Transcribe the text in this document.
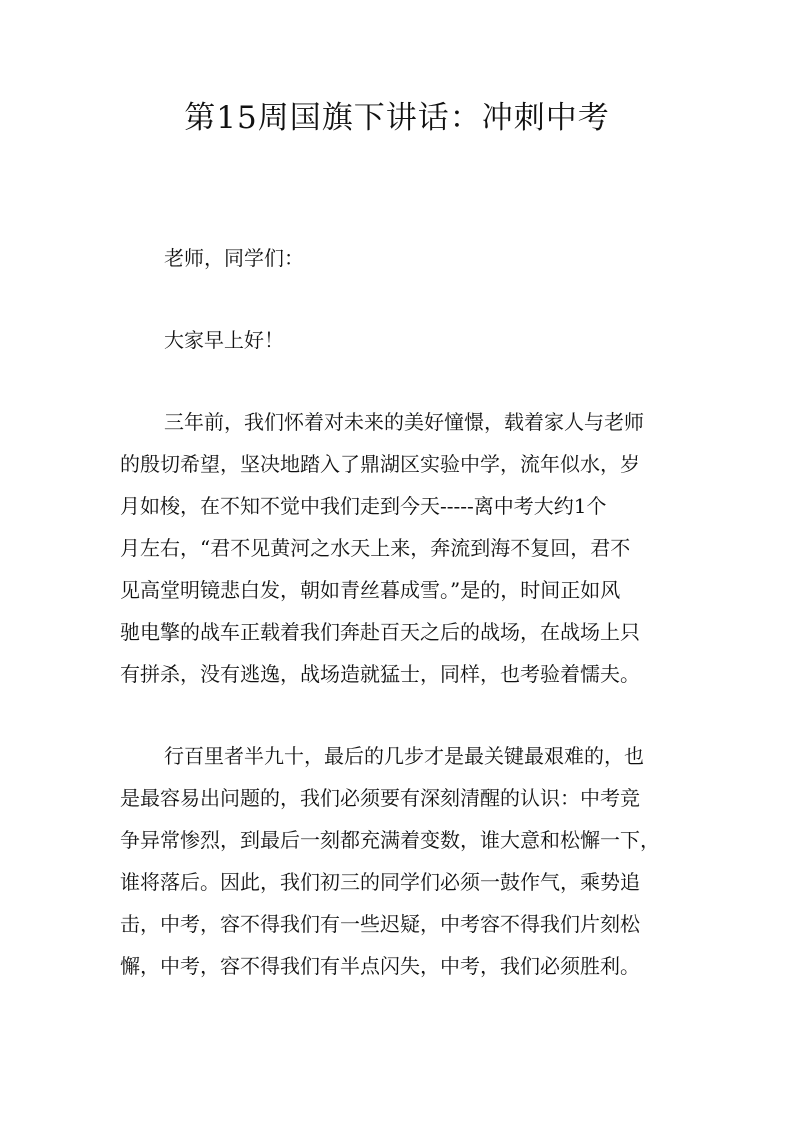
第15周国旗下讲话：冲刺中考

老师，同学们：

大家早上好！

三年前，我们怀着对未来的美好憧憬，载着家人与老师

的殷切希望，坚决地踏入了鼎湖区实验中学，流年似水，岁

月如梭，在不知不觉中我们走到今天-----离中考大约1个

月左右，“君不见黄河之水天上来，奔流到海不复回，君不

见高堂明镜悲白发，朝如青丝暮成雪。”是的，时间正如风

驰电擎的战车正载着我们奔赴百天之后的战场，在战场上只

有拼杀，没有逃逸，战场造就猛士，同样，也考验着懦夫。

行百里者半九十，最后的几步才是最关键最艰难的，也

是最容易出问题的，我们必须要有深刻清醒的认识：中考竞

争异常惨烈，到最后一刻都充满着变数，谁大意和松懈一下，

谁将落后。因此，我们初三的同学们必须一鼓作气，乘势追

击，中考，容不得我们有一些迟疑，中考容不得我们片刻松

懈，中考，容不得我们有半点闪失，中考，我们必须胜利。
